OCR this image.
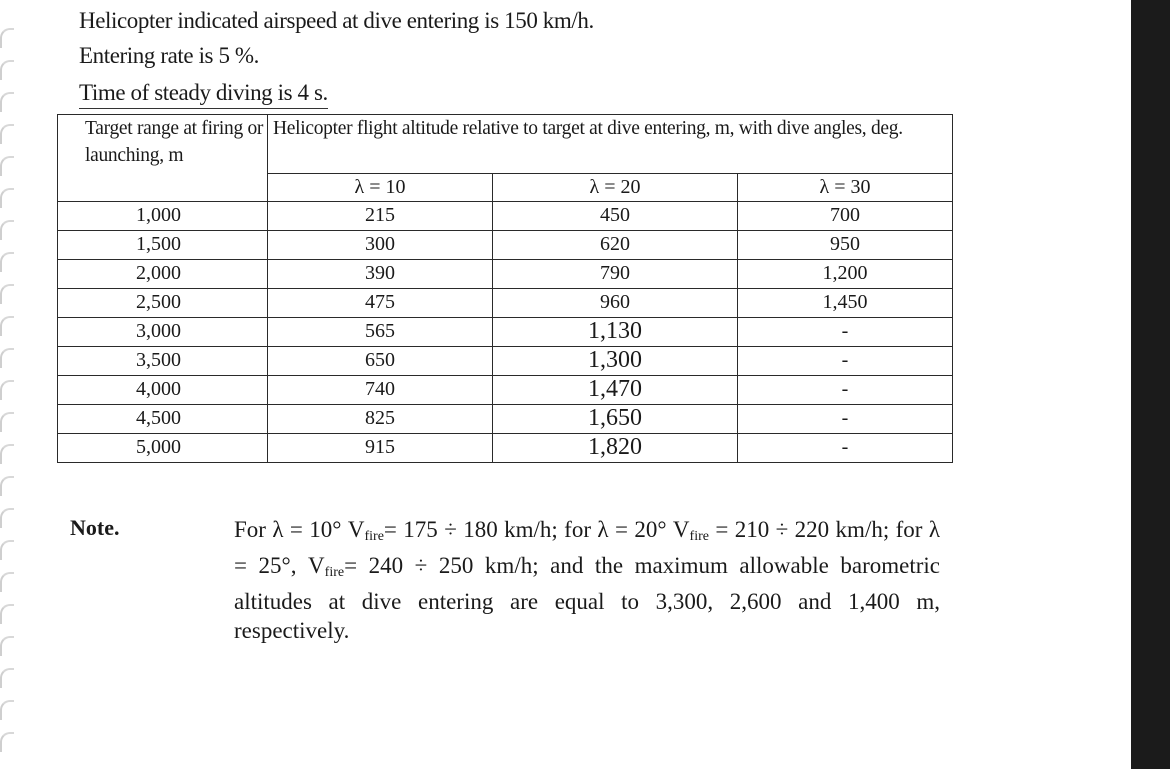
Helicopter indicated airspeed at dive entering is 150 km/h.
Entering rate is 5 %.
Time of steady diving is 4 s.
Target range at firing or launching, m	Helicopter flight altitude relative to target at dive entering, m, with dive angles, deg.		
	λ = 10	λ = 20	λ = 30
1,000	215	450	700
1,500	300	620	950
2,000	390	790	1,200
2,500	475	960	1,450
3,000	565	1,130	-
3,500	650	1,300	-
4,000	740	1,470	-
4,500	825	1,650	-
5,000	915	1,820	-
Note.	For λ = 10° $V_{fire}= 175 \div 180$ km/h; for λ = 20° $V_{fire} = 210 \div 220$ km/h; for λ = 25°, $V_{fire}= 240 \div 250$ km/h; and the maximum allowable barometric altitudes at dive entering are equal to 3,300, 2,600 and 1,400 m, respectively.
